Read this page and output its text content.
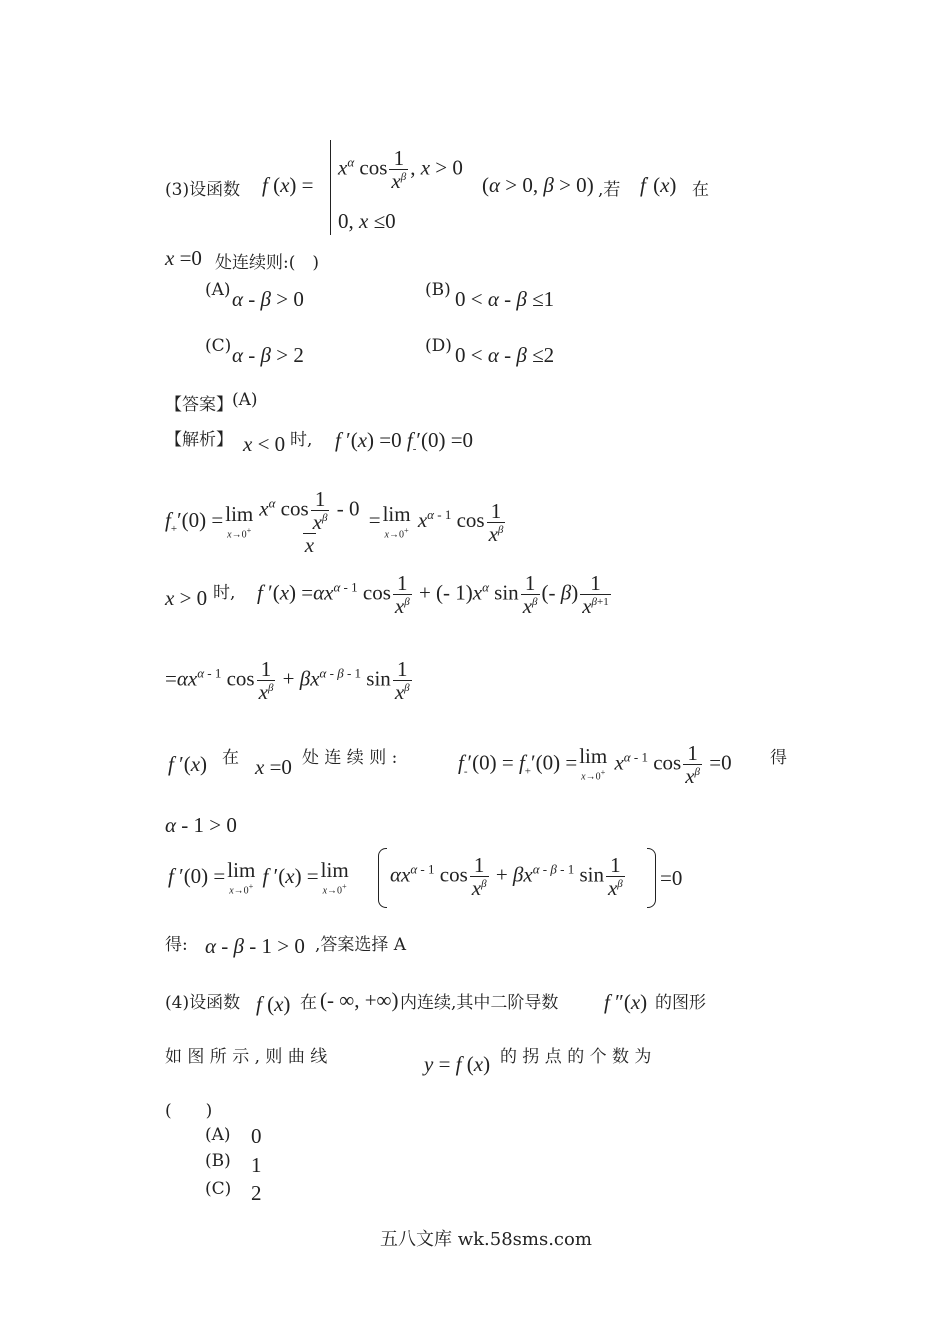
(3)设函数 f (x) =
$x^\alpha$ $\cos \frac{1}{x^\beta}$ , x > 0
0, x ≤0
(α > 0, β > 0) ,若 f' (x) 在
x =0 处连续则:(　)
(A) α - β > 0	(B) 0 < α - β ≤1
(C) α - β > 2	(D) 0 < α - β ≤2
【答案】 (A)
【解析】 x < 0 时, f ′(x) =0 $f_-'(0) =0$
$f_+'(0) = \lim$
$x\to 0^+ \frac{x^\alpha \cos \frac{1}{x^\beta} - 0}{x} = \lim$
x→0+ $x^{\alpha - 1}$ $\cos \frac{1}{x^\beta}$
x > 0 时, f $'(x) =\alpha x^{\alpha - 1}$ $\cos \frac{1}{x^\beta}$ + (- $1)x^\alpha$ $\sin \frac{1}{x^\beta}$ (- $\beta) \frac{1}{x^{\beta+1}}$
$=\alpha x^{\alpha - 1}$ $\cos \frac{1}{x^\beta} + \beta x^{\alpha - \beta - 1}$ $\sin \frac{1}{x^\beta}$
f ′(x) 在 x =0 处 连 续 则 :	$f_-'(0) = f_+'(0) = \lim$
x→0+ $x^{\alpha - 1}$ $\cos \frac{1}{x^\beta} =0$ 得
α - 1 > 0
f ′(0) = lim
x→0+ f ′(x) = lim
x→0+
$\alpha x^{\alpha - 1}$ $\cos \frac{1}{x^\beta} + \beta x^{\alpha - \beta - 1}$ $\sin \frac{1}{x^\beta} =0$
得: α - β - 1 > 0 ,答案选择 A
(4)设函数 f (x) 在 (- ∞, +∞) 内连续,其中二阶导数 f ″(x) 的图形
如 图 所 示 , 则 曲 线	y = f (x) 的 拐 点 的 个 数 为
(　　)
(A) 0
(B) 1
(C) 2
五八文库 wk.58sms.com
